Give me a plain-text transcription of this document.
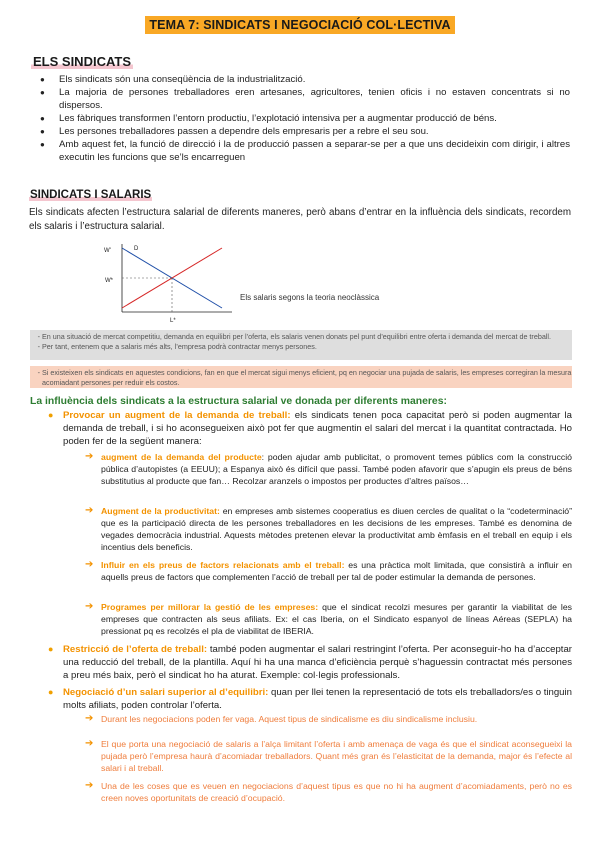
TEMA 7: SINDICATS I NEGOCIACIÓ COL·LECTIVA
ELS SINDICATS
● Els sindicats són una conseqüència de la industrialització.
● La majoria de persones treballadores eren artesanes, agricultores, tenien oficis i no estaven concentrats si no dispersos.
● Les fàbriques transformen l’entorn productiu, l’explotació intensiva per a augmentar producció de béns.
● Les persones treballadores passen a dependre dels empresaris per a rebre el seu sou.
● Amb aquest fet, la funció de direcció i la de producció passen a separar-se per a que uns decideixin com dirigir, i altres executin les funcions que se’ls encarreguen
SINDICATS I SALARIS
Els sindicats afecten l’estructura salarial de diferents maneres, però abans d’entrar en la influència dels sindicats, recordem els salaris i l’estructura salarial.
W'
W*
L*
D
Els salaris segons la teoria neoclàssica
- En una situació de mercat competitiu, demanda en equilibri per l’oferta, els salaris venen donats pel punt d’equilibri entre oferta i demanda del mercat de treball.
- Per tant, entenem que a salaris més alts, l’empresa podrà contractar menys persones.
- Si existeixen els sindicats en aquestes condicions, fan en que el mercat sigui menys eficient, pq en negociar una pujada de salaris, les empreses corregiran la mesura acomiadant persones per reduir els costos.
La influència dels sindicats a la estructura salarial ve donada per diferents maneres:
● Provocar un augment de la demanda de treball: els sindicats tenen poca capacitat però si poden augmentar la demanda de treball, i si ho aconsegueixen això pot fer que augmentin el salari del mercat i la quantitat contractada. Ho poden fer de la següent manera:
➔ augment de la demanda del producte: poden ajudar amb publicitat, o promovent temes públics com la construcció pública d’autopistes (a EEUU); a Espanya això és difícil que passi. També poden afavorir que s’apugin els preus de béns substitutius al producte que fan… Recolzar aranzels o impostos per productes d’altres països…
➔ Augment de la productivitat: en empreses amb sistemes cooperatius es diuen cercles de qualitat o la “codeterminació” que es la participació directa de les persones treballadores en les decisions de les empreses. També es denomina de vegades democràcia industrial. Aquests mètodes pretenen elevar la productivitat amb èmfasis en el treball en equip i els incentius dels beneficis.
➔ Influir en els preus de factors relacionats amb el treball: es una pràctica molt limitada, que consistirà a influir en aquells preus de factors que complementen l’acció de treball per tal de poder estimular la demanda de persones.
➔ Programes per millorar la gestió de les empreses: que el sindicat recolzi mesures per garantir la viabilitat de les empreses que contracten als seus afiliats. Ex: el cas Iberia, on el Sindicato espanyol de líneas Aéreas (SEPLA) ha pressionat pq es recolzés el pla de viabilitat de IBERIA.
● Restricció de l’oferta de treball: també poden augmentar el salari restringint l’oferta. Per aconseguir-ho ha d’acceptar una reducció del treball, de la plantilla. Aquí hi ha una manca d’eficiència perquè s’haguessin contractat més persones a preu més baix, però el sindicat ho ha aturat. Exemple: col·legis professionals.
● Negociació d’un salari superior al d’equilibri: quan per llei tenen la representació de tots els treballadors/es o tinguin molts afiliats, poden controlar l’oferta.
➔ Durant les negociacions poden fer vaga. Aquest tipus de sindicalisme es diu sindicalisme inclusiu.
➔ El que porta una negociació de salaris a l’alça limitant l’oferta i amb amenaça de vaga és que el sindicat aconsegueixi la pujada però l’empresa haurà d’acomiadar treballadors. Quant més gran és l’elasticitat de la demanda, major és l’efecte al salari i al treball.
➔ Una de les coses que es veuen en negociacions d’aquest tipus es que no hi ha augment d’acomiadaments, però no es creen noves oportunitats de creació d’ocupació.
